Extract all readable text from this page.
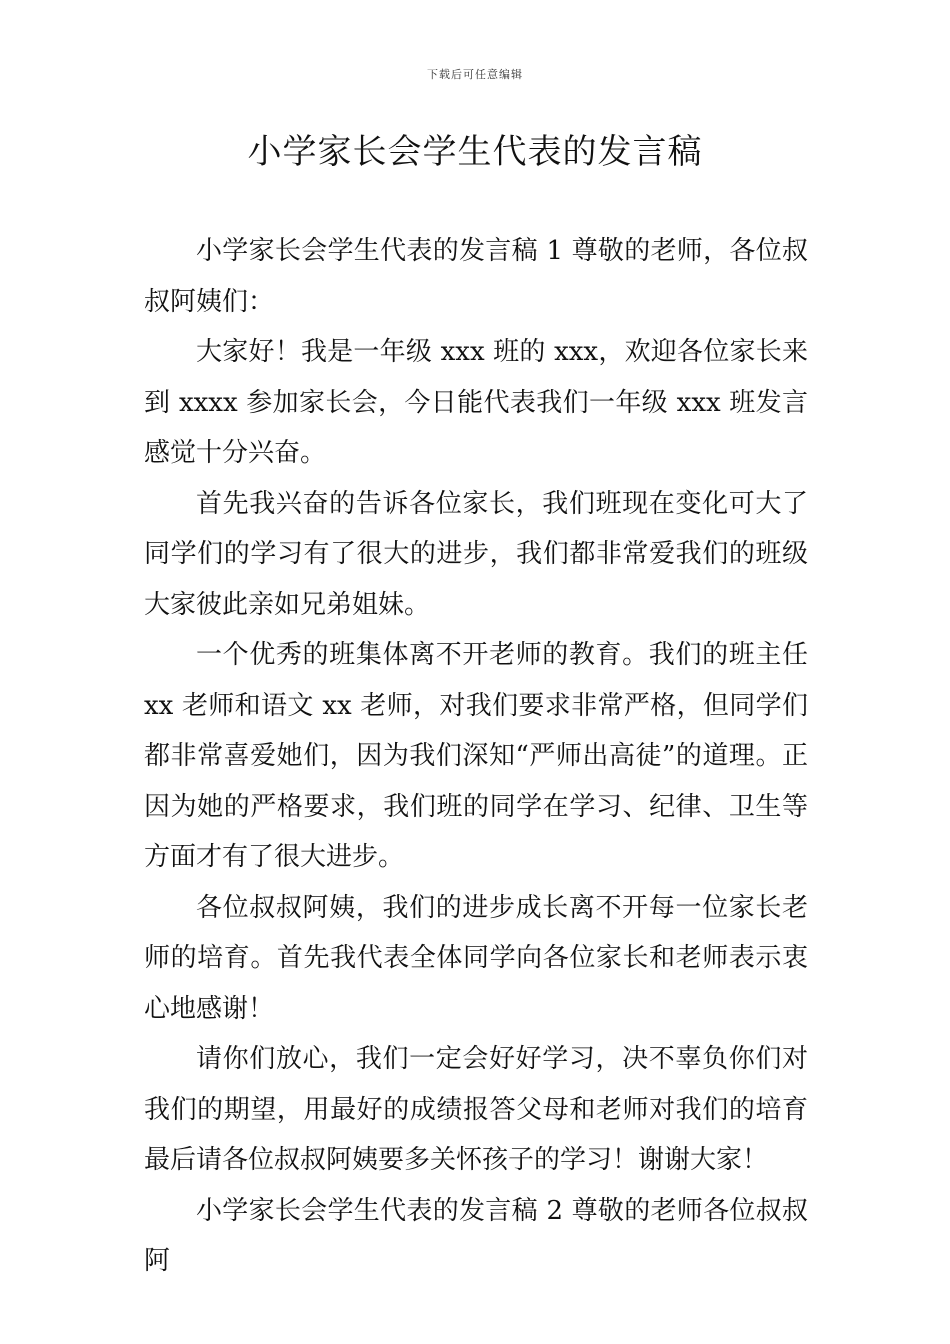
下载后可任意编辑
小学家长会学生代表的发言稿

小学家长会学生代表的发言稿 1 尊敬的老师，各位叔叔阿姨们：

大家好！我是一年级 xxx 班的 xxx，欢迎各位家长来到 xxxx 参加家长会，今日能代表我们一年级 xxx 班发言感觉十分兴奋。

首先我兴奋的告诉各位家长，我们班现在变化可大了同学们的学习有了很大的进步，我们都非常爱我们的班级大家彼此亲如兄弟姐妹。

一个优秀的班集体离不开老师的教育。我们的班主任 xx 老师和语文 xx 老师，对我们要求非常严格，但同学们都非常喜爱她们，因为我们深知“严师出高徒”的道理。正因为她的严格要求，我们班的同学在学习、纪律、卫生等方面才有了很大进步。

各位叔叔阿姨，我们的进步成长离不开每一位家长老师的培育。首先我代表全体同学向各位家长和老师表示衷心地感谢！

请你们放心，我们一定会好好学习，决不辜负你们对我们的期望，用最好的成绩报答父母和老师对我们的培育最后请各位叔叔阿姨要多关怀孩子的学习！谢谢大家！

小学家长会学生代表的发言稿 2 尊敬的老师各位叔叔阿
